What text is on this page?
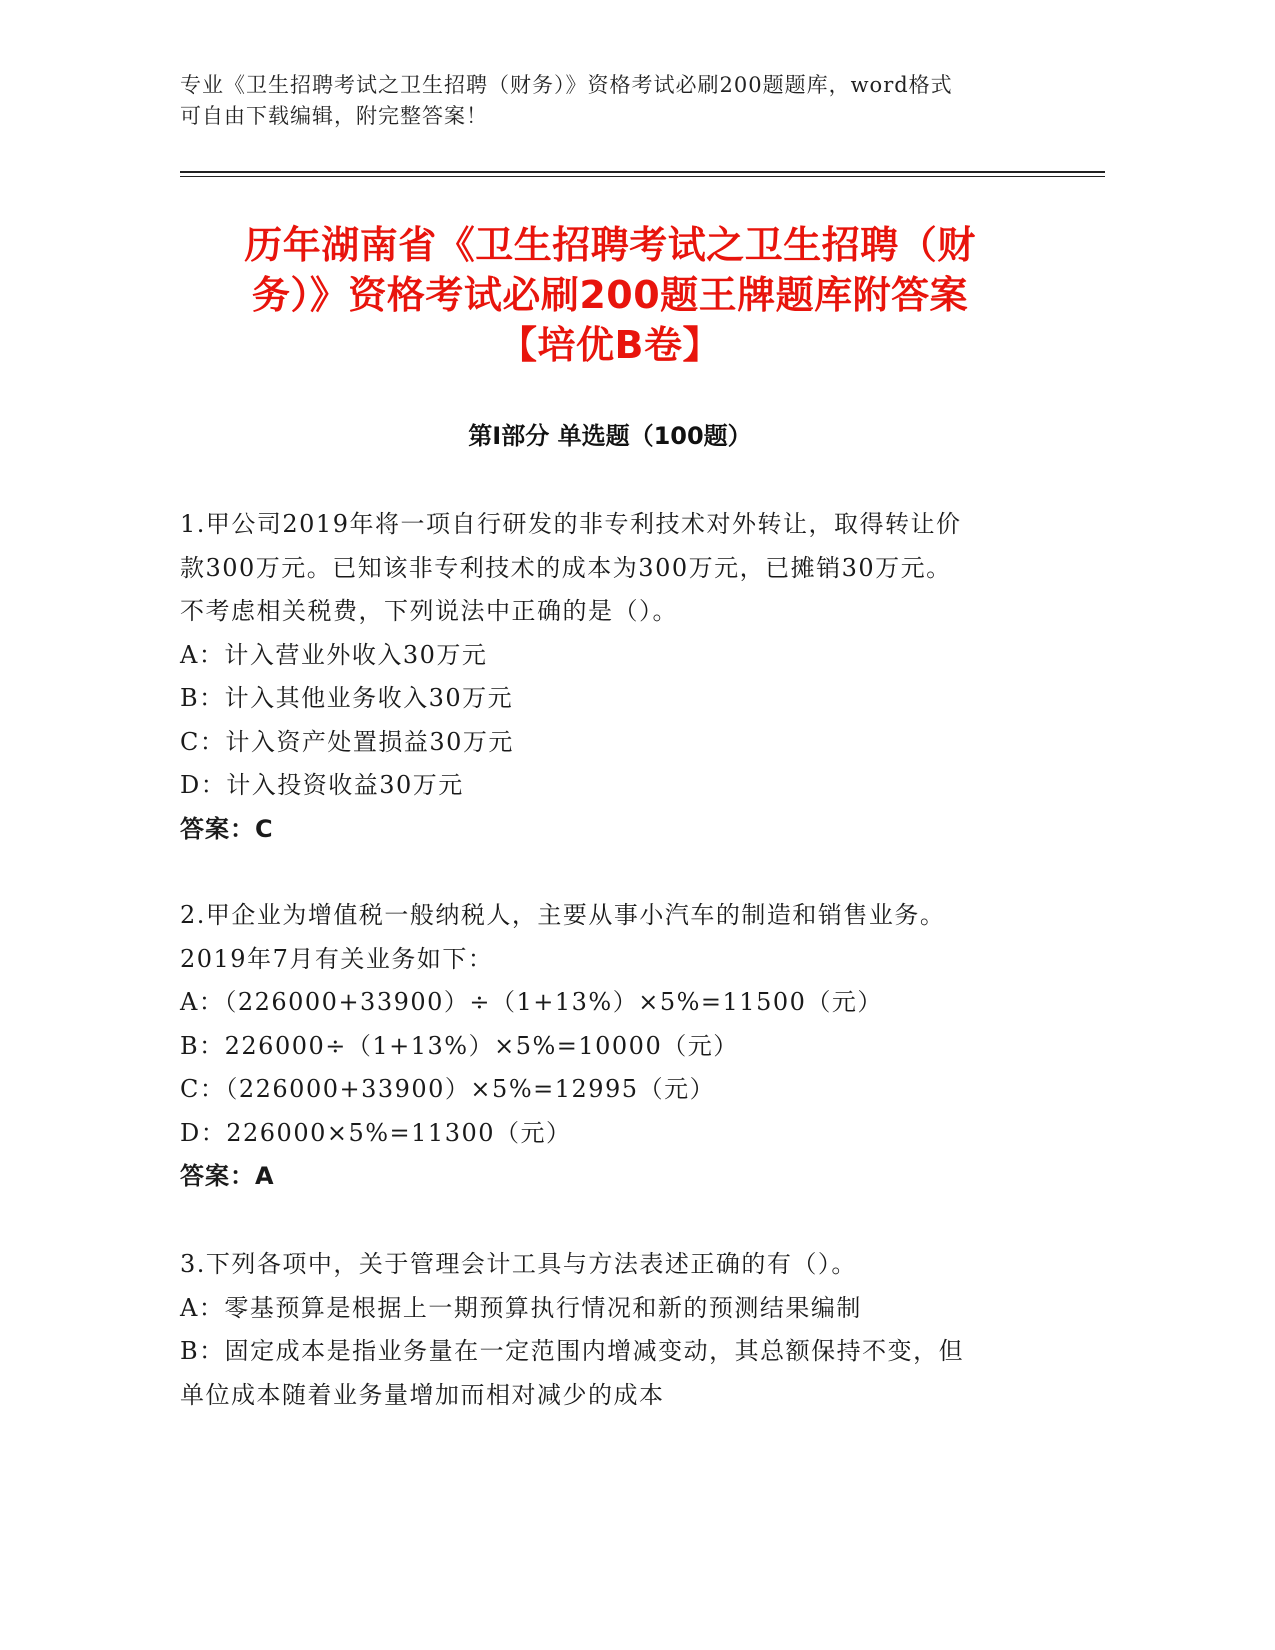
专业《卫生招聘考试之卫生招聘（财务）》资格考试必刷200题题库，word格式
可自由下载编辑，附完整答案！
历年湖南省《卫生招聘考试之卫生招聘（财
务）》资格考试必刷200题王牌题库附答案
【培优B卷】
第Ⅰ部分 单选题（100题）
1.甲公司2019年将一项自行研发的非专利技术对外转让，取得转让价
款300万元。已知该非专利技术的成本为300万元，已摊销30万元。
不考虑相关税费，下列说法中正确的是（）。
A：计入营业外收入30万元
B：计入其他业务收入30万元
C：计入资产处置损益30万元
D：计入投资收益30万元
答案：C
2.甲企业为增值税一般纳税人，主要从事小汽车的制造和销售业务。
2019年7月有关业务如下：
A：（226000+33900）÷（1+13%）×5%=11500（元）
B：226000÷（1+13%）×5%=10000（元）
C：（226000+33900）×5%=12995（元）
D：226000×5%=11300（元）
答案：A
3.下列各项中，关于管理会计工具与方法表述正确的有（）。
A：零基预算是根据上一期预算执行情况和新的预测结果编制
B：固定成本是指业务量在一定范围内增减变动，其总额保持不变，但
单位成本随着业务量增加而相对减少的成本
